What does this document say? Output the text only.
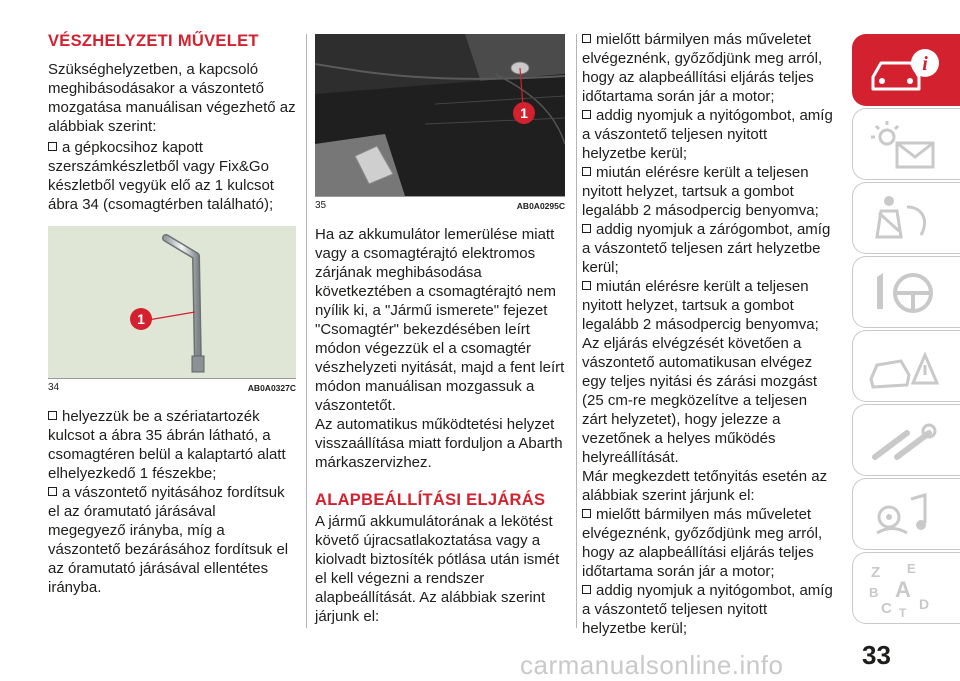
VÉSZHELYZETI MŰVELET

Szükséghelyzetben, a kapcsoló meghibásodásakor a vászontető mozgatása manuálisan végezhető az alábbiak szerint:

a gépkocsihoz kapott szerszámkészletből vagy Fix&Go készletből vegyük elő az 1 kulcsot ábra 34 (csomagtérben található);

1
34	AB0A0327C

helyezzük be a szériatartozék kulcsot a ábra 35 ábrán látható, a csomagtéren belül a kalaptartó alatt elhelyezkedő 1 fészekbe;

a vászontető nyitásához fordítsuk el az óramutató járásával megegyező irányba, míg a vászontető bezárásához fordítsuk el az óramutató járásával ellentétes irányba.

1
35	AB0A0295C

Ha az akkumulátor lemerülése miatt vagy a csomagtérajtó elektromos zárjának meghibásodása következtében a csomagtérajtó nem nyílik ki, a "Jármű ismerete" fejezet "Csomagtér" bekezdésében leírt módon végezzük el a csomagtér vészhelyzeti nyitását, majd a fent leírt módon manuálisan mozgassuk a vászontetőt.

Az automatikus működtetési helyzet visszaállítása miatt forduljon a Abarth márkaszervizhez.

ALAPBEÁLLÍTÁSI ELJÁRÁS

A jármű akkumulátorának a lekötést követő újracsatlakoztatása vagy a kiolvadt biztosíték pótlása után ismét el kell végezni a rendszer alapbeállítását. Az alábbiak szerint járjunk el:

mielőtt bármilyen más műveletet elvégeznénk, győződjünk meg arról, hogy az alapbeállítási eljárás teljes időtartama során jár a motor;

addig nyomjuk a nyitógombot, amíg a vászontető teljesen nyitott helyzetbe kerül;

miután elérésre került a teljesen nyitott helyzet, tartsuk a gombot legalább 2 másodpercig benyomva;

addig nyomjuk a zárógombot, amíg a vászontető teljesen zárt helyzetbe kerül;

miután elérésre került a teljesen nyitott helyzet, tartsuk a gombot legalább 2 másodpercig benyomva;

Az eljárás elvégzését követően a vászontető automatikusan elvégez egy teljes nyitási és zárási mozgást (25 cm-re megközelítve a teljesen zárt helyzetet), hogy jelezze a vezetőnek a helyes működés helyreállítását.

Már megkezdett tetőnyitás esetén az alábbiak szerint járjunk el:

mielőtt bármilyen más műveletet elvégeznénk, győződjünk meg arról, hogy az alapbeállítási eljárás teljes időtartama során jár a motor;

addig nyomjuk a nyitógombot, amíg a vászontető teljesen nyitott helyzetbe kerül;

i
Z E
A
B
C D
T
carmanualsonline.info	33
